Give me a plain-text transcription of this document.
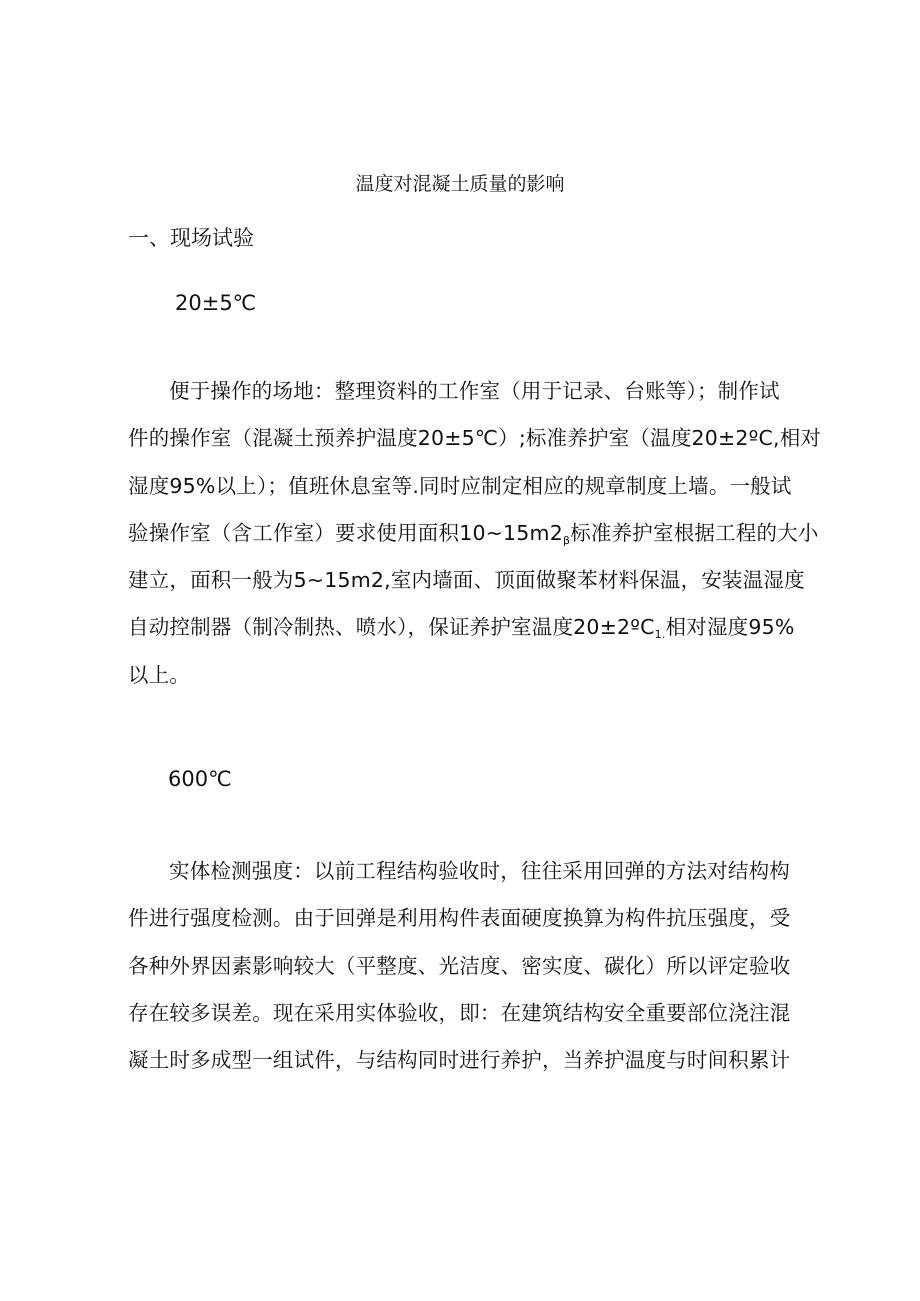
温度对混凝土质量的影响
一、现场试验
20±5℃
便于操作的场地：整理资料的工作室（用于记录、台账等）；制作试
件的操作室（混凝土预养护温度20±5℃）;标准养护室（温度20±2ºC,相对
湿度95%以上）；值班休息室等.同时应制定相应的规章制度上墙。一般试
验操作室（含工作室）要求使用面积$10\sim 15m2_\beta$标准养护室根据工程的大小
建立，面积一般为5~15m2,室内墙面、顶面做聚苯材料保温，安装温湿度
自动控制器（制冷制热、喷水），保证养护室温度20±2ºC$_{1.}$相对湿度95%
以上。
600℃
实体检测强度：以前工程结构验收时，往往采用回弹的方法对结构构
件进行强度检测。由于回弹是利用构件表面硬度换算为构件抗压强度，受
各种外界因素影响较大（平整度、光洁度、密实度、碳化）所以评定验收
存在较多误差。现在采用实体验收，即：在建筑结构安全重要部位浇注混
凝土时多成型一组试件，与结构同时进行养护，当养护温度与时间积累计
